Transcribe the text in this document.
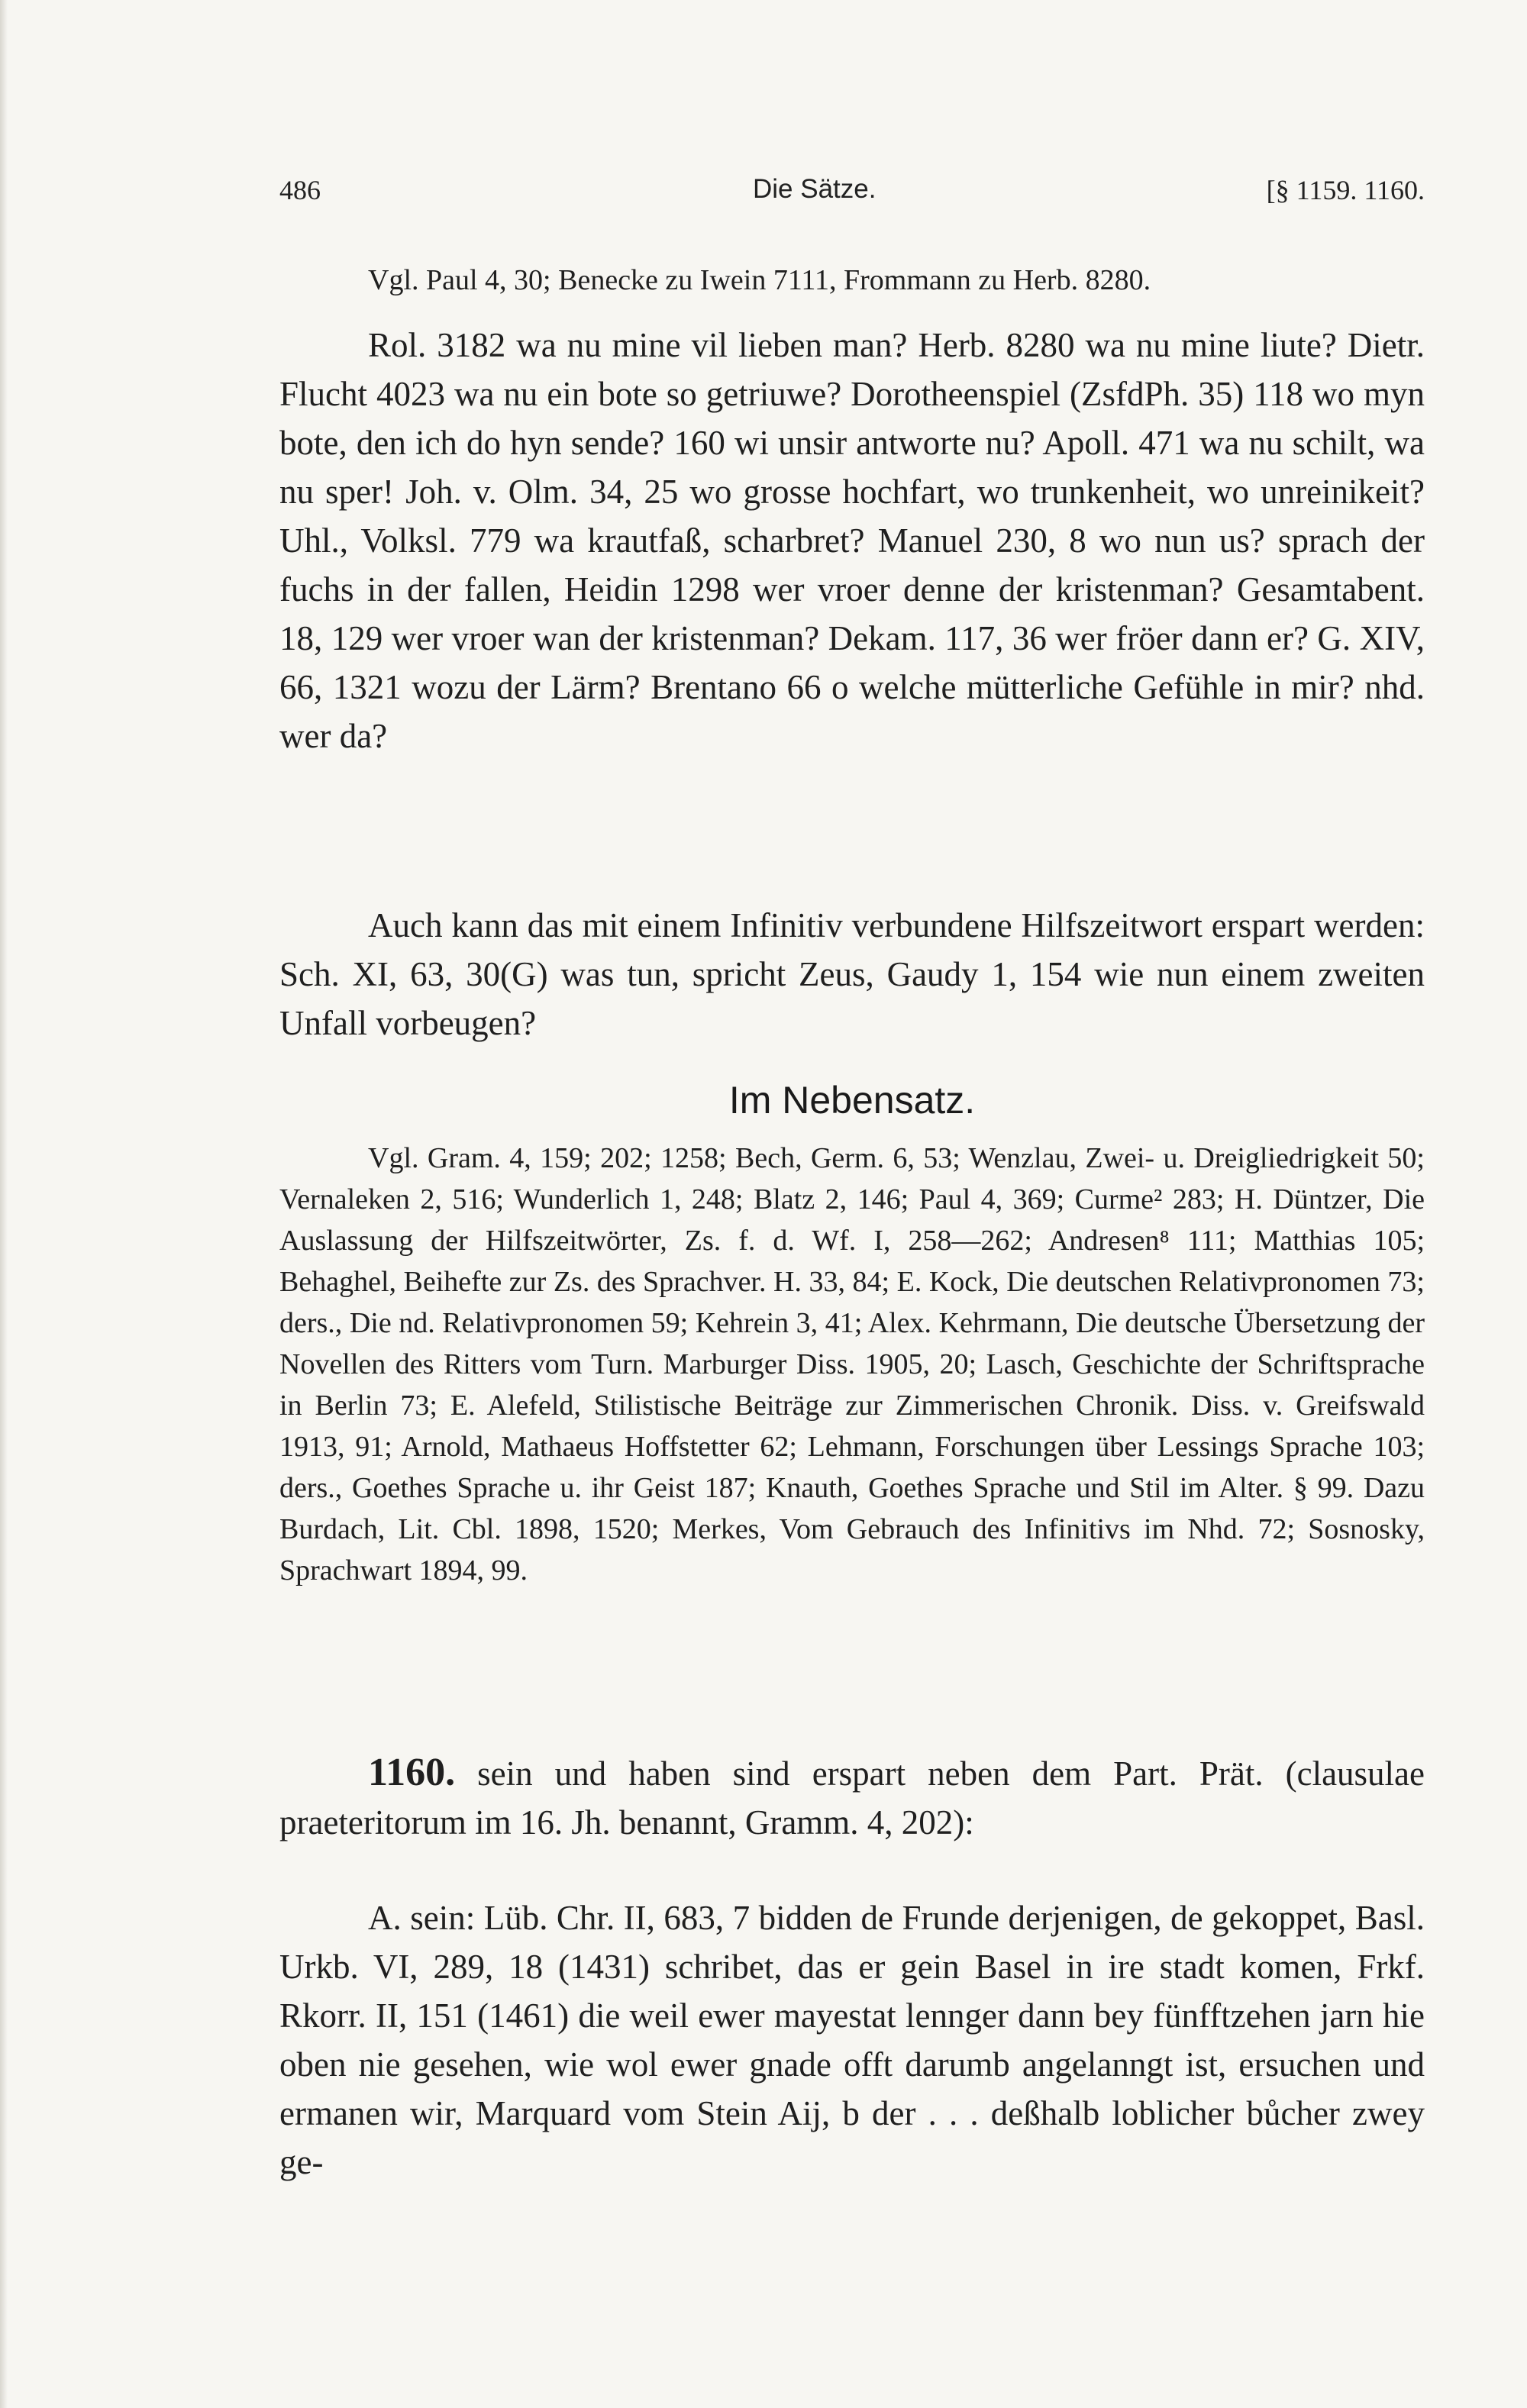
486	Die Sätze.	[§ 1159. 1160.

Vgl. Paul 4, 30; Benecke zu Iwein 7111, Frommann zu Herb. 8280.

Rol. 3182 wa nu mine vil lieben man? Herb. 8280 wa nu mine liute? Dietr. Flucht 4023 wa nu ein bote so getriuwe? Dorotheenspiel (ZsfdPh. 35) 118 wo myn bote, den ich do hyn sende? 160 wi unsir antworte nu? Apoll. 471 wa nu schilt, wa nu sper! Joh. v. Olm. 34, 25 wo grosse hochfart, wo trunkenheit, wo unreinikeit? Uhl., Volksl. 779 wa krautfaß, scharbret? Manuel 230, 8 wo nun us? sprach der fuchs in der fallen, Heidin 1298 wer vroer denne der kristenman? Gesamtabent. 18, 129 wer vroer wan der kristenman? Dekam. 117, 36 wer fröer dann er? G. XIV, 66, 1321 wozu der Lärm? Brentano 66 o welche mütterliche Gefühle in mir? nhd. wer da?

Auch kann das mit einem Infinitiv verbundene Hilfszeitwort erspart werden: Sch. XI, 63, 30(G) was tun, spricht Zeus, Gaudy 1, 154 wie nun einem zweiten Unfall vorbeugen?

Im Nebensatz.

Vgl. Gram. 4, 159; 202; 1258; Bech, Germ. 6, 53; Wenzlau, Zwei- u. Dreigliedrigkeit 50; Vernaleken 2, 516; Wunderlich 1, 248; Blatz 2, 146; Paul 4, 369; Curme² 283; H. Düntzer, Die Auslassung der Hilfszeitwörter, Zs. f. d. Wf. I, 258—262; Andresen⁸ 111; Matthias 105; Behaghel, Beihefte zur Zs. des Sprachver. H. 33, 84; E. Kock, Die deutschen Relativpronomen 73; ders., Die nd. Relativpronomen 59; Kehrein 3, 41; Alex. Kehrmann, Die deutsche Übersetzung der Novellen des Ritters vom Turn. Marburger Diss. 1905, 20; Lasch, Geschichte der Schriftsprache in Berlin 73; E. Alefeld, Stilistische Beiträge zur Zimmerischen Chronik. Diss. v. Greifswald 1913, 91; Arnold, Mathaeus Hoffstetter 62; Lehmann, Forschungen über Lessings Sprache 103; ders., Goethes Sprache u. ihr Geist 187; Knauth, Goethes Sprache und Stil im Alter. § 99. Dazu Burdach, Lit. Cbl. 1898, 1520; Merkes, Vom Gebrauch des Infinitivs im Nhd. 72; Sosnosky, Sprachwart 1894, 99.

1160. sein und haben sind erspart neben dem Part. Prät. (clausulae praeteritorum im 16. Jh. benannt, Gramm. 4, 202):

A. sein: Lüb. Chr. II, 683, 7 bidden de Frunde derjenigen, de gekoppet, Basl. Urkb. VI, 289, 18 (1431) schribet, das er gein Basel in ire stadt komen, Frkf. Rkorr. II, 151 (1461) die weil ewer mayestat lennger dann bey fünfftzehen jarn hie oben nie gesehen, wie wol ewer gnade offt darumb angelanngt ist, ersuchen und ermanen wir, Marquard vom Stein Aij, b der . . . deßhalb loblicher bůcher zwey ge-
